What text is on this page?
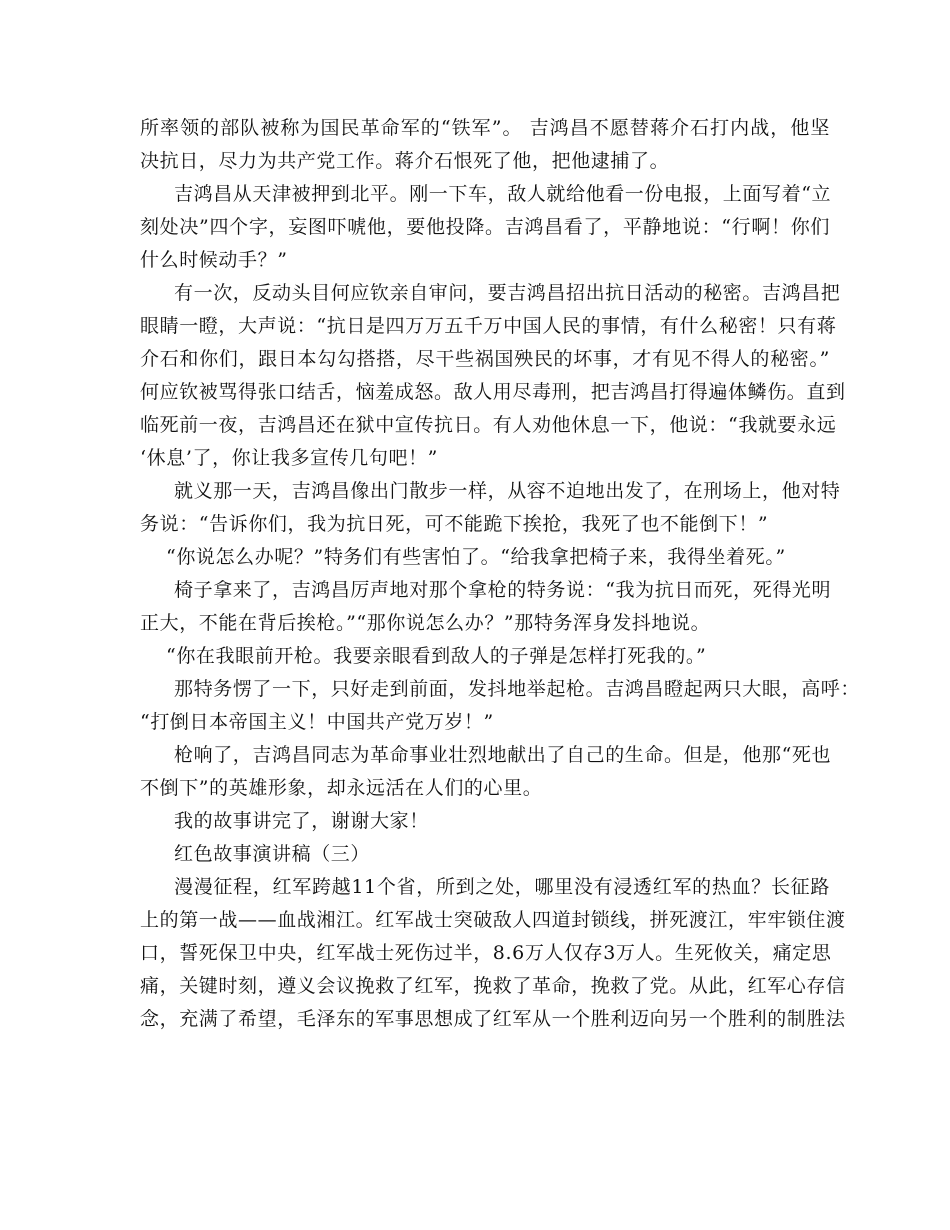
所率领的部队被称为国民革命军的“铁军”。 吉鸿昌不愿替蒋介石打内战，他坚
决抗日，尽力为共产党工作。蒋介石恨死了他，把他逮捕了。
吉鸿昌从天津被押到北平。刚一下车，敌人就给他看一份电报，上面写着“立
刻处决”四个字，妄图吓唬他，要他投降。吉鸿昌看了，平静地说：“行啊！你们
什么时候动手？”
有一次，反动头目何应钦亲自审问，要吉鸿昌招出抗日活动的秘密。吉鸿昌把
眼睛一瞪，大声说：“抗日是四万万五千万中国人民的事情，有什么秘密！只有蒋
介石和你们，跟日本勾勾搭搭，尽干些祸国殃民的坏事，才有见不得人的秘密。”
何应钦被骂得张口结舌，恼羞成怒。敌人用尽毒刑，把吉鸿昌打得遍体鳞伤。直到
临死前一夜，吉鸿昌还在狱中宣传抗日。有人劝他休息一下，他说：“我就要永远
‘休息’了，你让我多宣传几句吧！”
就义那一天，吉鸿昌像出门散步一样，从容不迫地出发了，在刑场上，他对特
务说：“告诉你们，我为抗日死，可不能跪下挨抢，我死了也不能倒下！”
“你说怎么办呢？”特务们有些害怕了。“给我拿把椅子来，我得坐着死。”
椅子拿来了，吉鸿昌厉声地对那个拿枪的特务说：“我为抗日而死，死得光明
正大，不能在背后挨枪。”“那你说怎么办？”那特务浑身发抖地说。
“你在我眼前开枪。我要亲眼看到敌人的子弹是怎样打死我的。”
那特务愣了一下，只好走到前面，发抖地举起枪。吉鸿昌瞪起两只大眼，高呼：
“打倒日本帝国主义！中国共产党万岁！”
枪响了，吉鸿昌同志为革命事业壮烈地献出了自己的生命。但是，他那“死也
不倒下”的英雄形象，却永远活在人们的心里。
我的故事讲完了，谢谢大家！
红色故事演讲稿（三）
漫漫征程，红军跨越11个省，所到之处，哪里没有浸透红军的热血？长征路
上的第一战——血战湘江。红军战士突破敌人四道封锁线，拼死渡江，牢牢锁住渡
口，誓死保卫中央，红军战士死伤过半，8.6万人仅存3万人。生死攸关，痛定思
痛，关键时刻，遵义会议挽救了红军，挽救了革命，挽救了党。从此，红军心存信
念，充满了希望，毛泽东的军事思想成了红军从一个胜利迈向另一个胜利的制胜法
